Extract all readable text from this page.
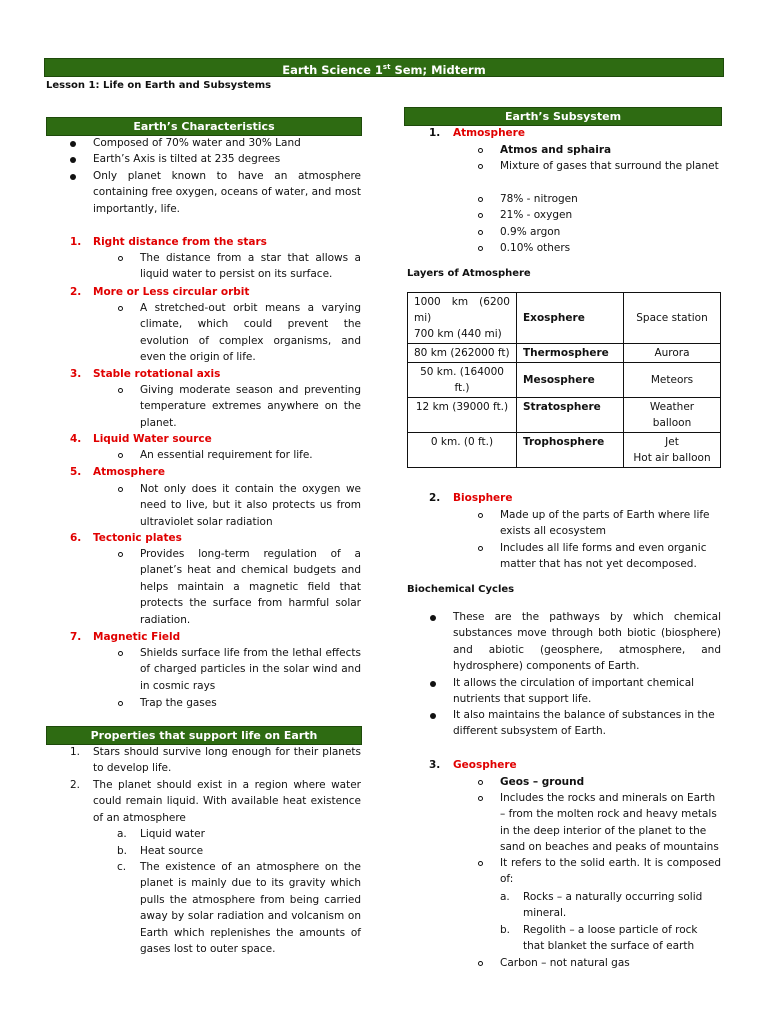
Earth Science 1st Sem; Midterm
Lesson 1: Life on Earth and Subsystems
Earth’s Characteristics
Composed of 70% water and 30% Land
Earth’s Axis is tilted at 235 degrees
Only planet known to have an atmosphere containing free oxygen, oceans of water, and most importantly, life.
1. Right distance from the stars
The distance from a star that allows a liquid water to persist on its surface.
2. More or Less circular orbit
A stretched-out orbit means a varying climate, which could prevent the evolution of complex organisms, and even the origin of life.
3. Stable rotational axis
Giving moderate season and preventing temperature extremes anywhere on the planet.
4. Liquid Water source
An essential requirement for life.
5. Atmosphere
Not only does it contain the oxygen we need to live, but it also protects us from ultraviolet solar radiation
6. Tectonic plates
Provides long-term regulation of a planet’s heat and chemical budgets and helps maintain a magnetic field that protects the surface from harmful solar radiation.
7. Magnetic Field
Shields surface life from the lethal effects of charged particles in the solar wind and in cosmic rays
Trap the gases
Properties that support life on Earth
1. Stars should survive long enough for their planets to develop life.
2. The planet should exist in a region where water could remain liquid. With available heat existence of an atmosphere
a. Liquid water
b. Heat source
c. The existence of an atmosphere on the planet is mainly due to its gravity which pulls the atmosphere from being carried away by solar radiation and volcanism on Earth which replenishes the amounts of gases lost to outer space.
Earth’s Subsystem
1. Atmosphere
Atmos and sphaira
Mixture of gases that surround the planet
78% - nitrogen
21% - oxygen
0.9% argon
0.10% others
Layers of Atmosphere
1000 km (6200 mi)
700 km (440 mi)	Exosphere	Space station
80 km (262000 ft)	Thermosphere	Aurora
50 km. (164000 ft.)	Mesosphere	Meteors
12 km (39000 ft.)	Stratosphere	Weather balloon
0 km. (0 ft.)	Trophosphere	Jet
Hot air balloon
2. Biosphere
Made up of the parts of Earth where life exists all ecosystem
Includes all life forms and even organic matter that has not yet decomposed.
Biochemical Cycles
These are the pathways by which chemical substances move through both biotic (biosphere) and abiotic (geosphere, atmosphere, and hydrosphere) components of Earth.
It allows the circulation of important chemical nutrients that support life.
It also maintains the balance of substances in the different subsystem of Earth.
3. Geosphere
Geos – ground
Includes the rocks and minerals on Earth – from the molten rock and heavy metals in the deep interior of the planet to the sand on beaches and peaks of mountains
It refers to the solid earth. It is composed of:
a. Rocks – a naturally occurring solid mineral.
b. Regolith – a loose particle of rock that blanket the surface of earth
Carbon – not natural gas
